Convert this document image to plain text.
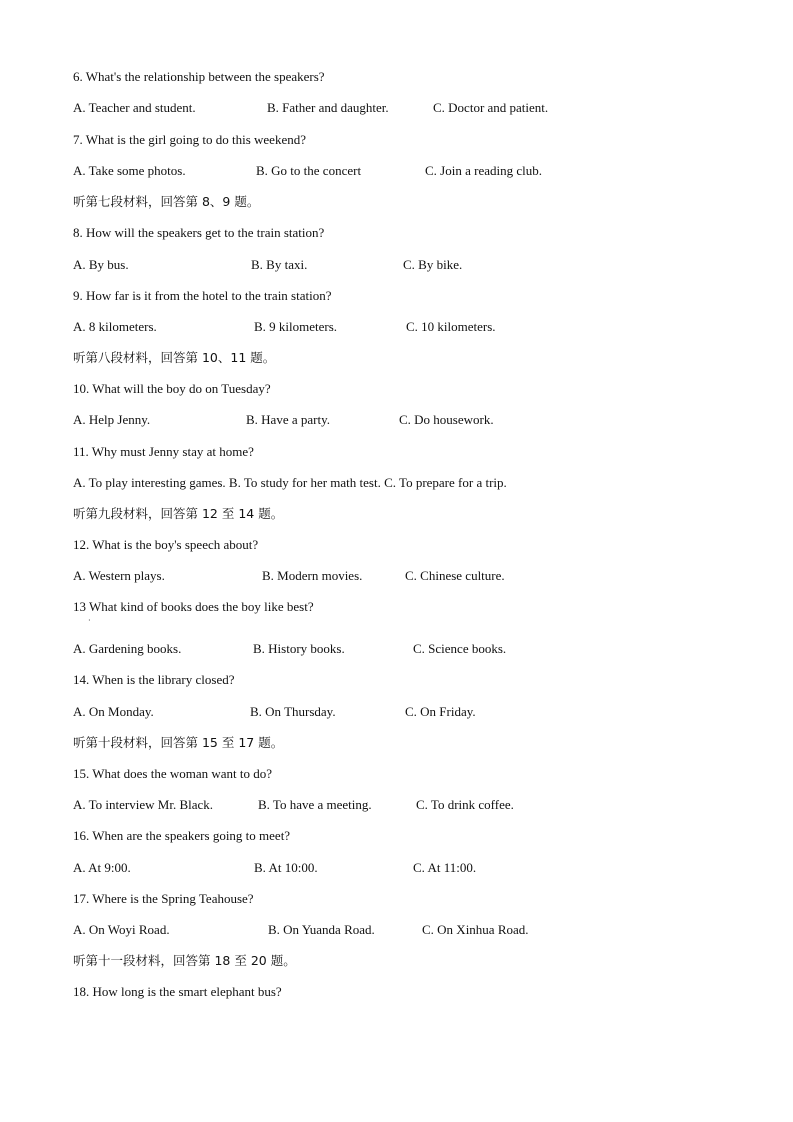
6. What's the relationship between the speakers?
A. Teacher and student.	B. Father and daughter.	C. Doctor and patient.
7. What is the girl going to do this weekend?
A. Take some photos.	B. Go to the concert	C. Join a reading club.
听第七段材料，回答第 8、9 题。
8. How will the speakers get to the train station?
A. By bus.	B. By taxi.	C. By bike.
9. How far is it from the hotel to the train station?
A. 8 kilometers.	B. 9 kilometers.	C. 10 kilometers.
听第八段材料，回答第 10、11 题。
10. What will the boy do on Tuesday?
A. Help Jenny.	B. Have a party.	C. Do housework.
11. Why must Jenny stay at home?
A. To play interesting games. B. To study for her math test. C. To prepare for a trip.
听第九段材料，回答第 12 至 14 题。
12. What is the boy's speech about?
A. Western plays.	B. Modern movies.	C. Chinese culture.
13 What kind of books does the boy like best?
·
A. Gardening books.	B. History books.	C. Science books.
14. When is the library closed?
A. On Monday.	B. On Thursday.	C. On Friday.
听第十段材料，回答第 15 至 17 题。
15. What does the woman want to do?
A. To interview Mr. Black.	B. To have a meeting.	C. To drink coffee.
16. When are the speakers going to meet?
A. At 9:00.	B. At 10:00.	C. At 11:00.
17. Where is the Spring Teahouse?
A. On Woyi Road.	B. On Yuanda Road.	C. On Xinhua Road.
听第十一段材料，回答第 18 至 20 题。
18. How long is the smart elephant bus?
